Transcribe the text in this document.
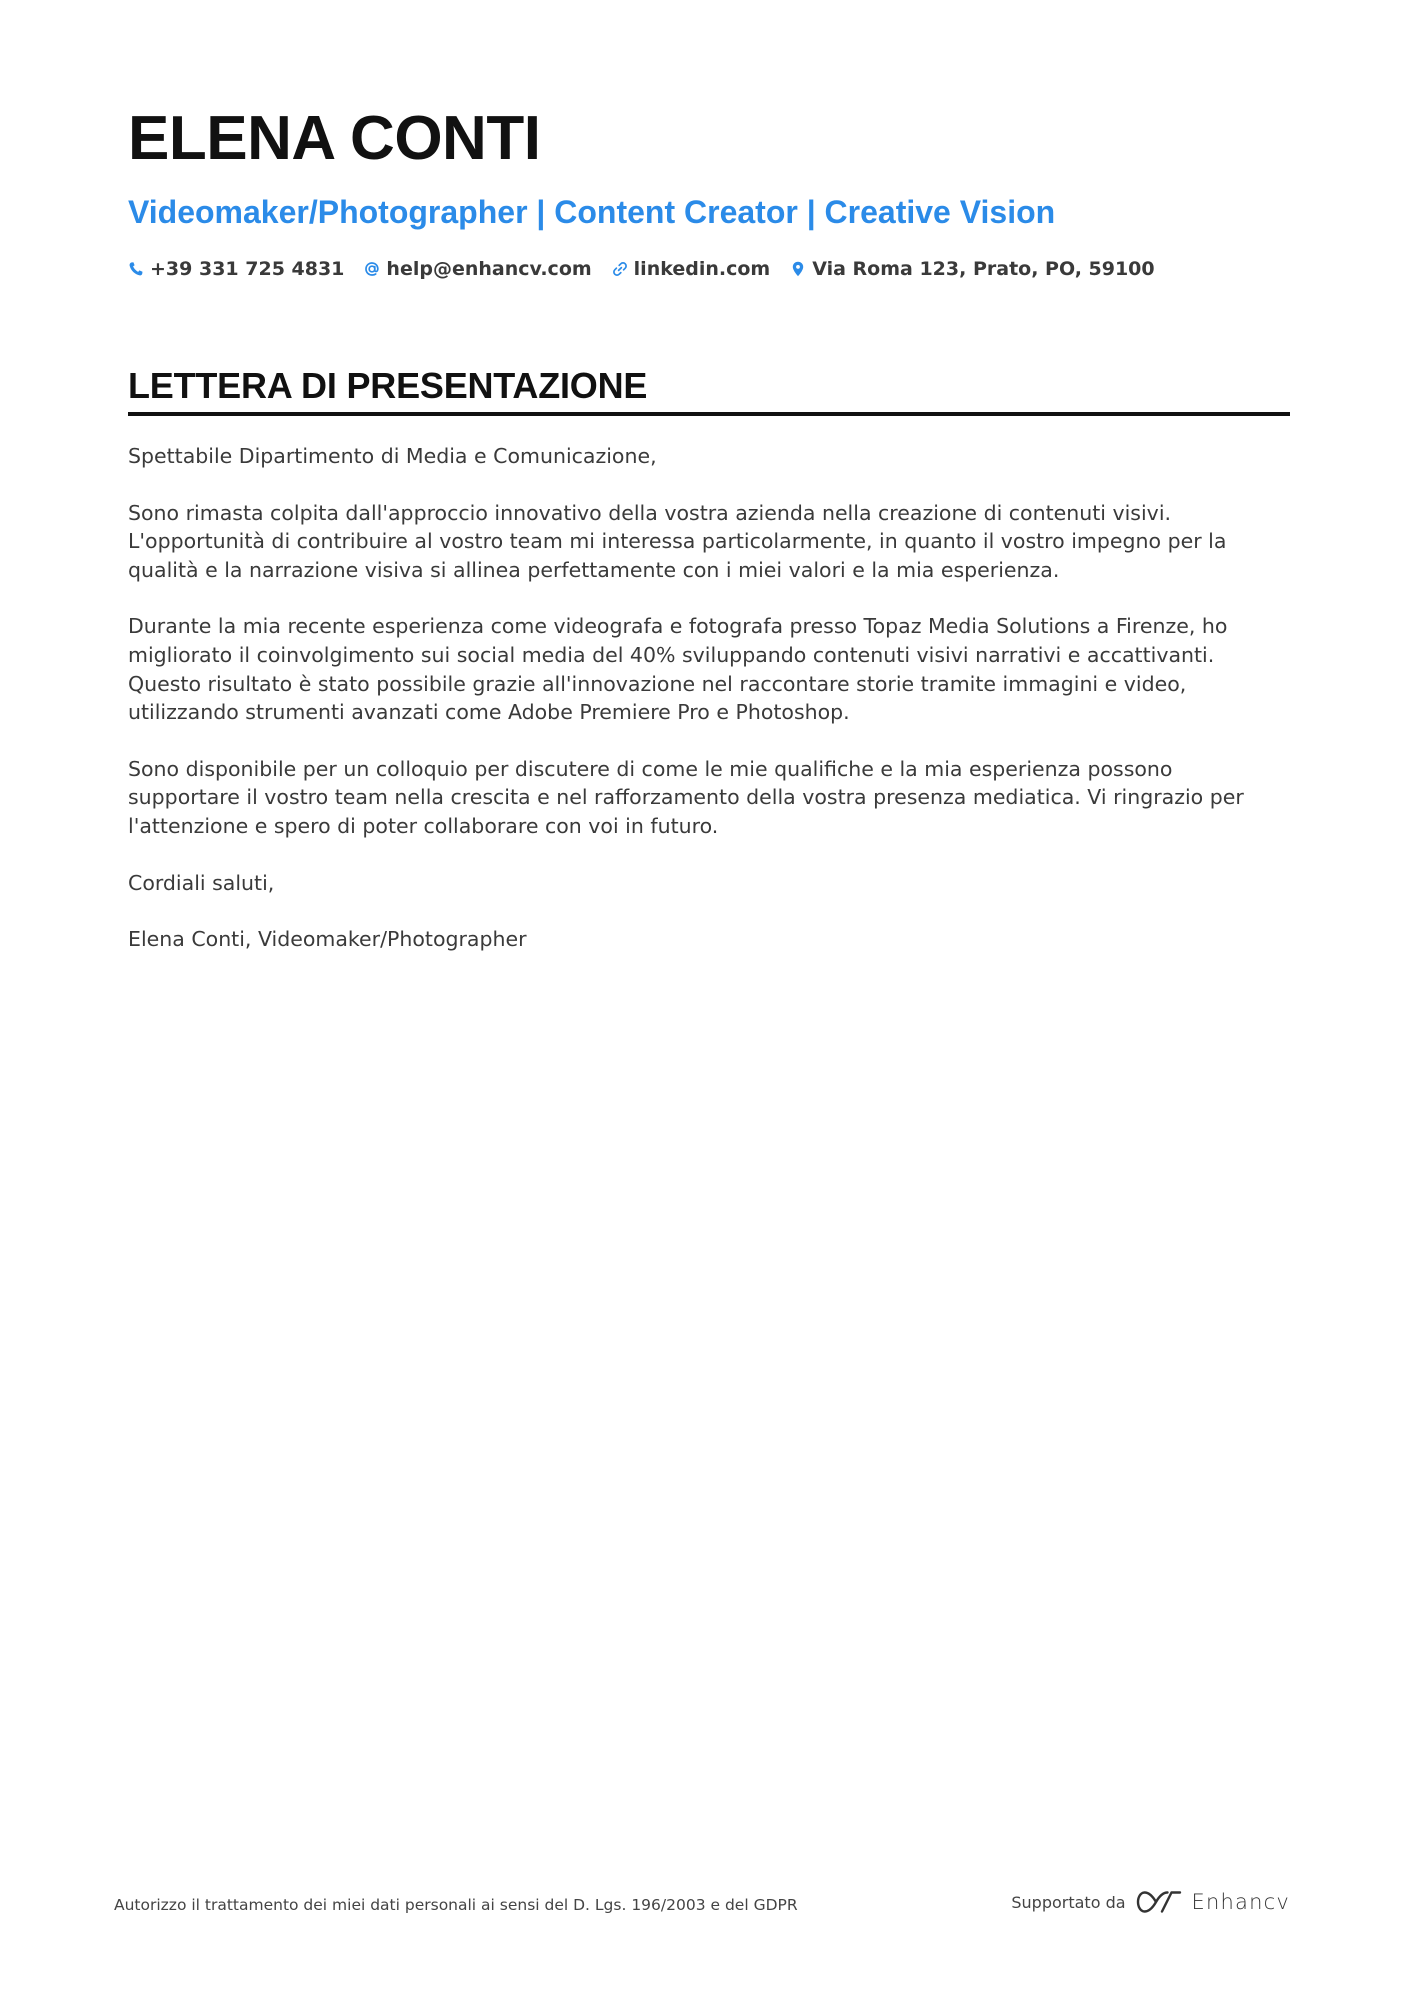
ELENA CONTI
Videomaker/Photographer | Content Creator | Creative Vision
+39 331 725 4831 help@enhancv.com linkedin.com Via Roma 123, Prato, PO, 59100
LETTERA DI PRESENTAZIONE

Spettabile Dipartimento di Media e Comunicazione,

Sono rimasta colpita dall'approccio innovativo della vostra azienda nella creazione di contenuti visivi. L'opportunità di contribuire al vostro team mi interessa particolarmente, in quanto il vostro impegno per la qualità e la narrazione visiva si allinea perfettamente con i miei valori e la mia esperienza.

Durante la mia recente esperienza come videografa e fotografa presso Topaz Media Solutions a Firenze, ho migliorato il coinvolgimento sui social media del 40% sviluppando contenuti visivi narrativi e accattivanti. Questo risultato è stato possibile grazie all'innovazione nel raccontare storie tramite immagini e video, utilizzando strumenti avanzati come Adobe Premiere Pro e Photoshop.

Sono disponibile per un colloquio per discutere di come le mie qualifiche e la mia esperienza possono supportare il vostro team nella crescita e nel rafforzamento della vostra presenza mediatica. Vi ringrazio per l'attenzione e spero di poter collaborare con voi in futuro.

Cordiali saluti,

Elena Conti, Videomaker/Photographer

Autorizzo il trattamento dei miei dati personali ai sensi del D. Lgs. 196/2003 e del GDPR	Supportato da	Enhancv
